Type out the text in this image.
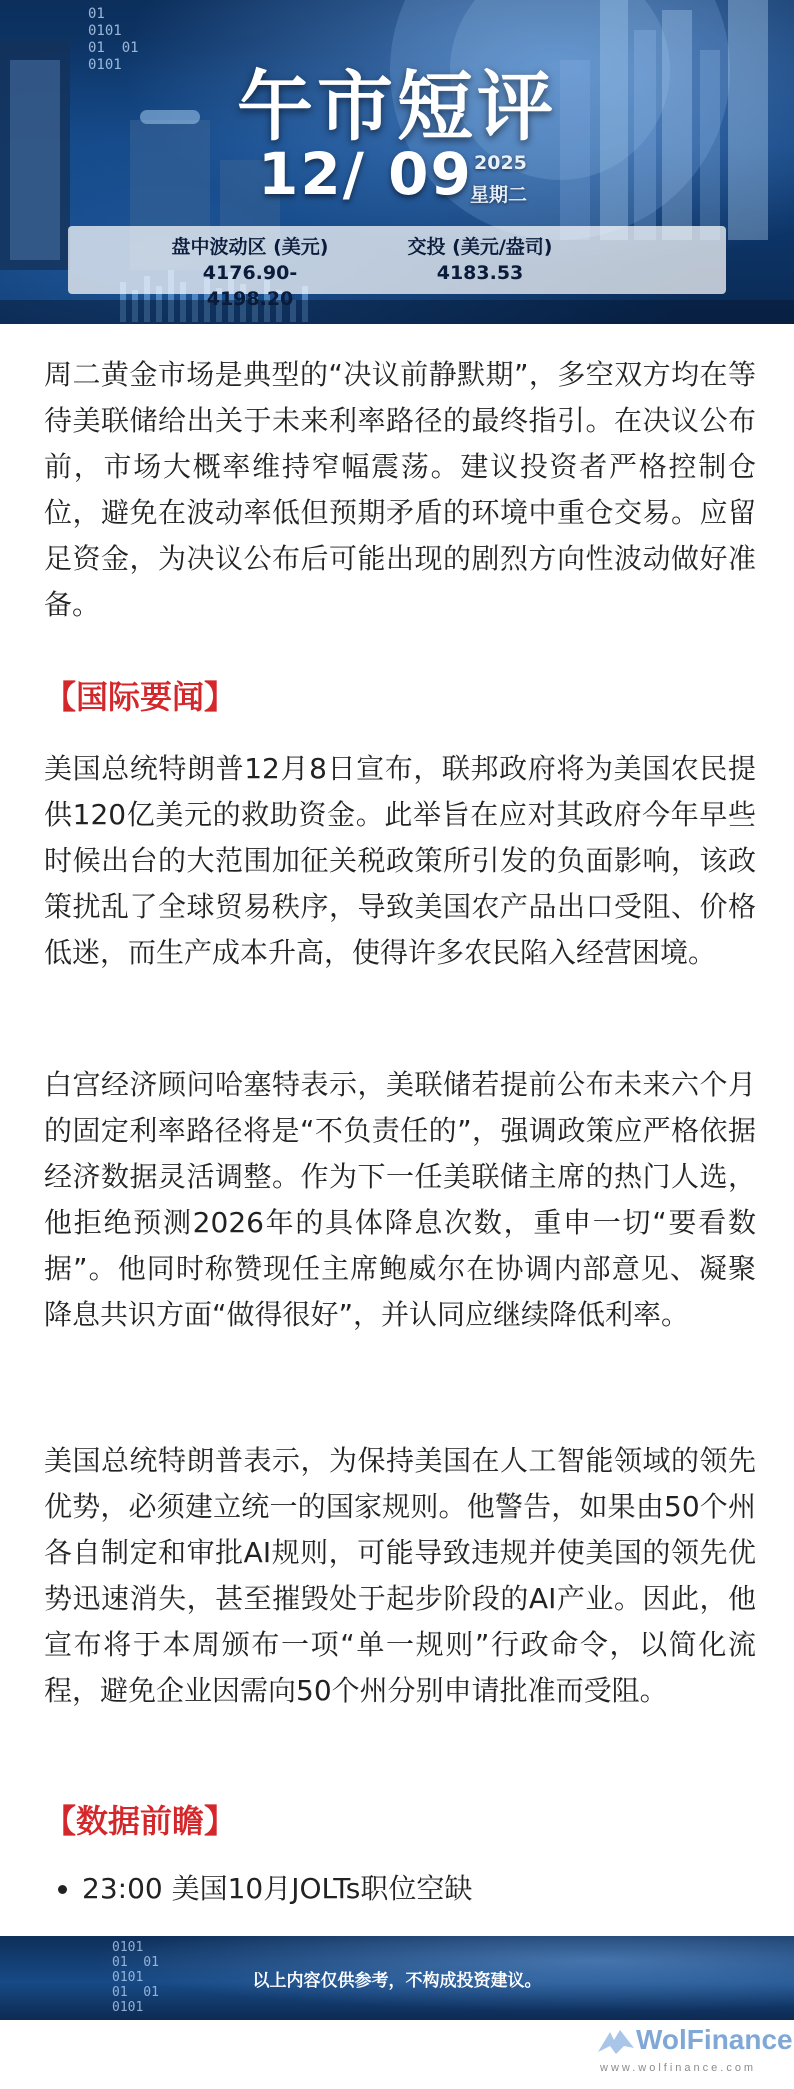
01
0101
01  01
0101	午市短评
12/ 09 2025
星期二
盘中波动区 (美元)
4176.90-4198.20
交投 (美元/盎司)
4183.53

周二黄金市场是典型的“决议前静默期”，多空双方均在等待美联储给出关于未来利率路径的最终指引。在决议公布前，市场大概率维持窄幅震荡。建议投资者严格控制仓位，避免在波动率低但预期矛盾的环境中重仓交易。应留足资金，为决议公布后可能出现的剧烈方向性波动做好准备。

【国际要闻】

美国总统特朗普12月8日宣布，联邦政府将为美国农民提供120亿美元的救助资金。此举旨在应对其政府今年早些时候出台的大范围加征关税政策所引发的负面影响，该政策扰乱了全球贸易秩序，导致美国农产品出口受阻、价格低迷，而生产成本升高，使得许多农民陷入经营困境。

白宫经济顾问哈塞特表示，美联储若提前公布未来六个月的固定利率路径将是“不负责任的”，强调政策应严格依据经济数据灵活调整。作为下一任美联储主席的热门人选，他拒绝预测2026年的具体降息次数，重申一切“要看数据”。他同时称赞现任主席鲍威尔在协调内部意见、凝聚降息共识方面“做得很好”，并认同应继续降低利率。

美国总统特朗普表示，为保持美国在人工智能领域的领先优势，必须建立统一的国家规则。他警告，如果由50个州各自制定和审批AI规则，可能导致违规并使美国的领先优势迅速消失，甚至摧毁处于起步阶段的AI产业。因此，他宣布将于本周颁布一项“单一规则”行政命令，以简化流程，避免企业因需向50个州分别申请批准而受阻。

【数据前瞻】
• 23:00 美国10月JOLTs职位空缺
0101
01  01
0101
01  01
0101
以上内容仅供参考，不构成投资建议。
WolFinance
www.wolfinance.com
